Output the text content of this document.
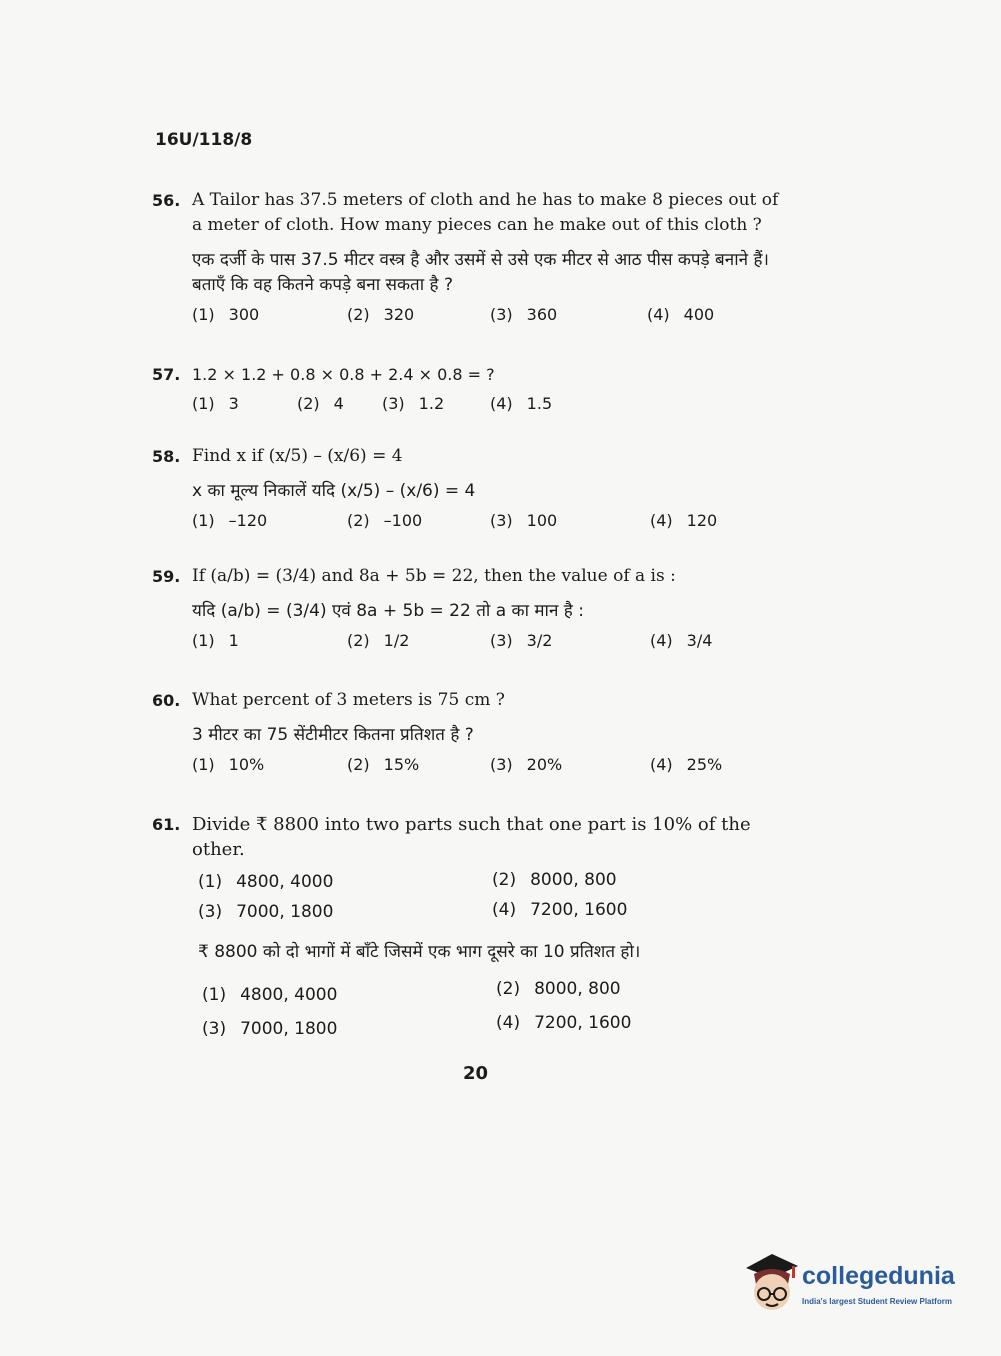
16U/118/8
56. A Tailor has 37.5 meters of cloth and he has to make 8 pieces out of a meter of cloth. How many pieces can he make out of this cloth ?
एक दर्जी के पास 37.5 मीटर वस्त्र है और उसमें से उसे एक मीटर से आठ पीस कपड़े बनाने हैं। बताएँ कि वह कितने कपड़े बना सकता है ?
(1) 300	(2) 320	(3) 360	(4) 400
57. 1.2 × 1.2 + 0.8 × 0.8 + 2.4 × 0.8 = ?
(1) 3	(2) 4 (3) 1.2	(4) 1.5
58. Find x if (x/5) – (x/6) = 4
x का मूल्य निकालें यदि (x/5) – (x/6) = 4
(1) –120	(2) –100	(3) 100	(4) 120
59. If (a/b) = (3/4) and 8a + 5b = 22, then the value of a is :
यदि (a/b) = (3/4) एवं 8a + 5b = 22 तो a का मान है :
(1) 1	(2) 1/2	(3) 3/2	(4) 3/4
60. What percent of 3 meters is 75 cm ?
3 मीटर का 75 सेंटीमीटर कितना प्रतिशत है ?
(1) 10%	(2) 15%	(3) 20%	(4) 25%
61. Divide ₹ 8800 into two parts such that one part is 10% of the other.
(1) 4800, 4000	(2) 8000, 800
(3) 7000, 1800	(4) 7200, 1600
₹ 8800 को दो भागों में बाँटे जिसमें एक भाग दूसरे का 10 प्रतिशत हो।
(1) 4800, 4000	(2) 8000, 800
(3) 7000, 1800	(4) 7200, 1600
20
collegedunia
India's largest Student Review Platform
